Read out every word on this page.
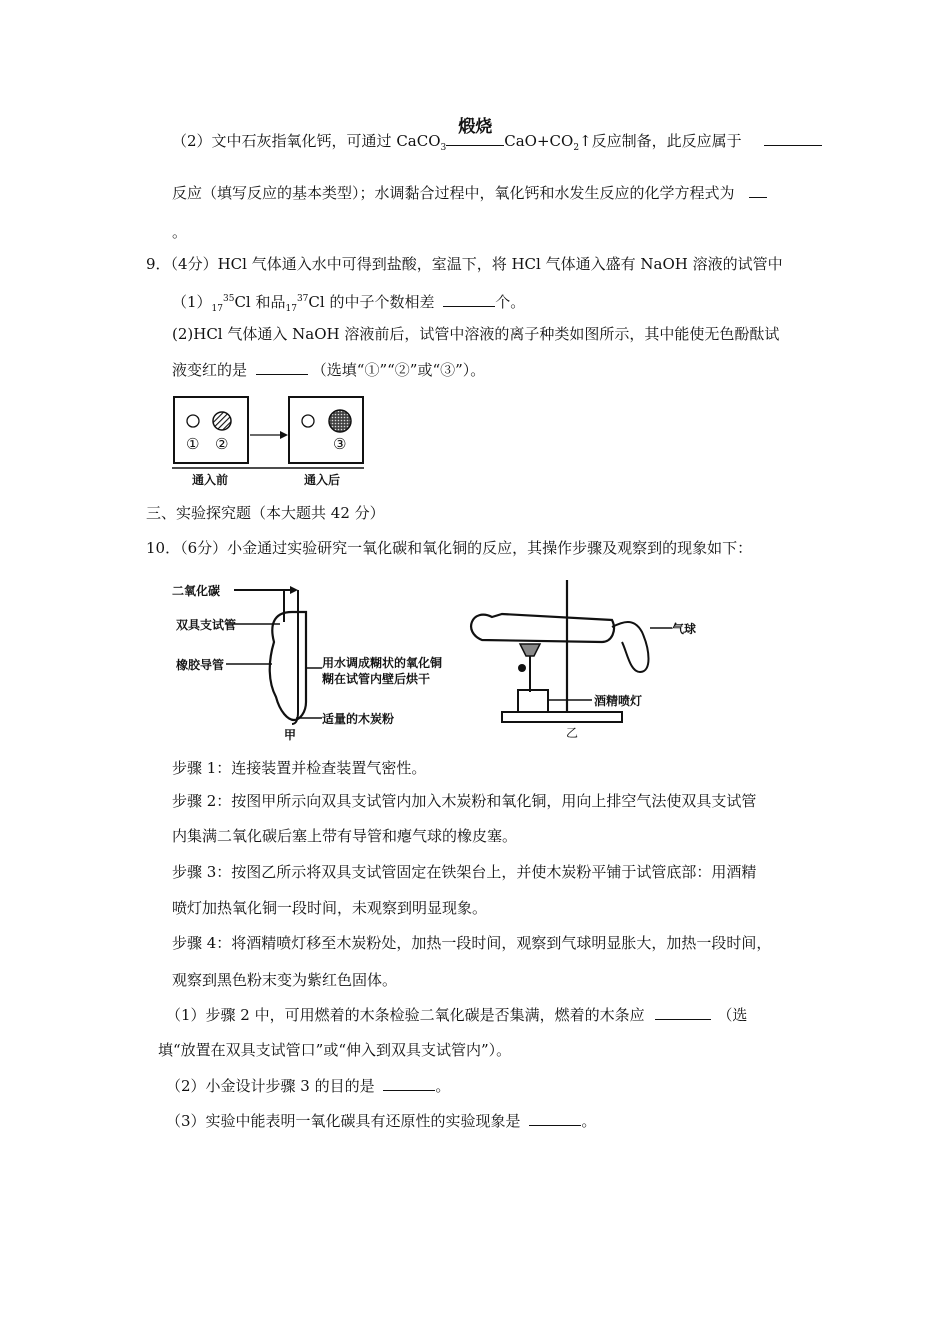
（2）文中石灰指氧化钙，可通过 CaCO$_3$
煅烧
$CaO+CO_2↑$反应制备，此反应属于
反应（填写反应的基本类型）；水调黏合过程中，氧化钙和水发生反应的化学方程式为
。
9．（4分）HCl 气体通入水中可得到盐酸，室温下，将 HCl 气体通入盛有 NaOH 溶液的试管中
$(1)_{17}^{35}Cl$ 和品$_{17}^{37}$Cl 的中子个数相差	个。
(2)HCl 气体通入 NaOH 溶液前后，试管中溶液的离子种类如图所示，其中能使无色酚酞试
液变红的是	（选填“①”“②”或“③”）。
① ②	③
通入前	通入后
三、实验探究题（本大题共 42 分）
10．（6分）小金通过实验研究一氧化碳和氧化铜的反应，其操作步骤及观察到的现象如下：
二氧化碳
双具支试管
橡胶导管	用水调成糊状的氧化铜
糊在试管内壁后烘干
适量的木炭粉
甲
气球
酒精喷灯
乙
步骤 1：连接装置并检查装置气密性。
步骤 2：按图甲所示向双具支试管内加入木炭粉和氧化铜，用向上排空气法使双具支试管
内集满二氧化碳后塞上带有导管和瘪气球的橡皮塞。
步骤 3：按图乙所示将双具支试管固定在铁架台上，并使木炭粉平铺于试管底部：用酒精
喷灯加热氧化铜一段时间，未观察到明显现象。
步骤 4：将酒精喷灯移至木炭粉处，加热一段时间，观察到气球明显胀大，加热一段时间，
观察到黑色粉末变为紫红色固体。
（1）步骤 2 中，可用燃着的木条检验二氧化碳是否集满，燃着的木条应	（选
填“放置在双具支试管口”或“伸入到双具支试管内”）。
（2）小金设计步骤 3 的目的是	。
（3）实验中能表明一氧化碳具有还原性的实验现象是	。
